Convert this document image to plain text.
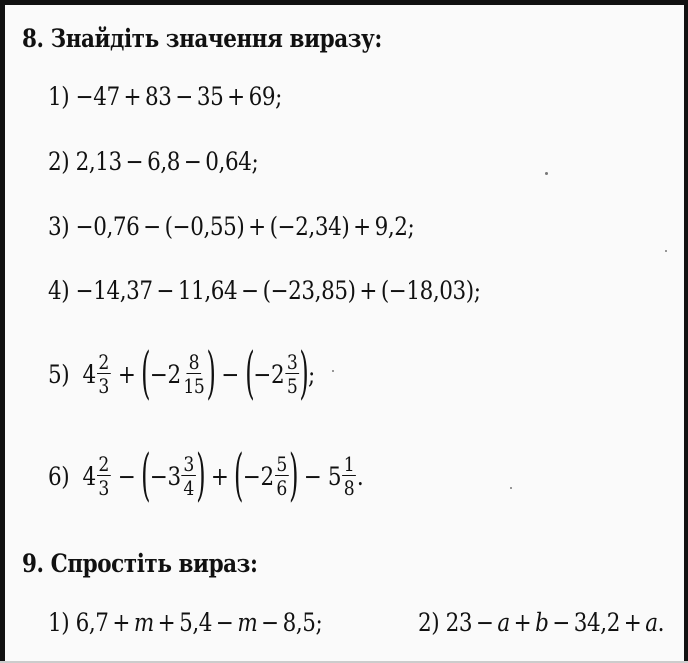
8. Знайдіть значення виразу:
1) −47 + 83 − 35 + 69;
2) 2,13 − 6,8 − 0,64;
3) −0,76 − (−0,55) + (−2,34) + 9,2;
4) −14,37 − 11,64 − (−23,85) + (−18,03);
5) $4 \frac{2}{3} + (-2 \frac{8}{15}$ ) − ($-2 \frac{3}{5}$ );
6) $4 \frac{2}{3} - (-3 \frac{3}{4}$ ) + ($-2 \frac{5}{6}$ ) − $5 \frac{1}{8}$ .
9. Спростіть вираз:
1) 6,7 + m + 5,4 − m − 8,5;	2) 23 − a + b − 34,2 + a.
